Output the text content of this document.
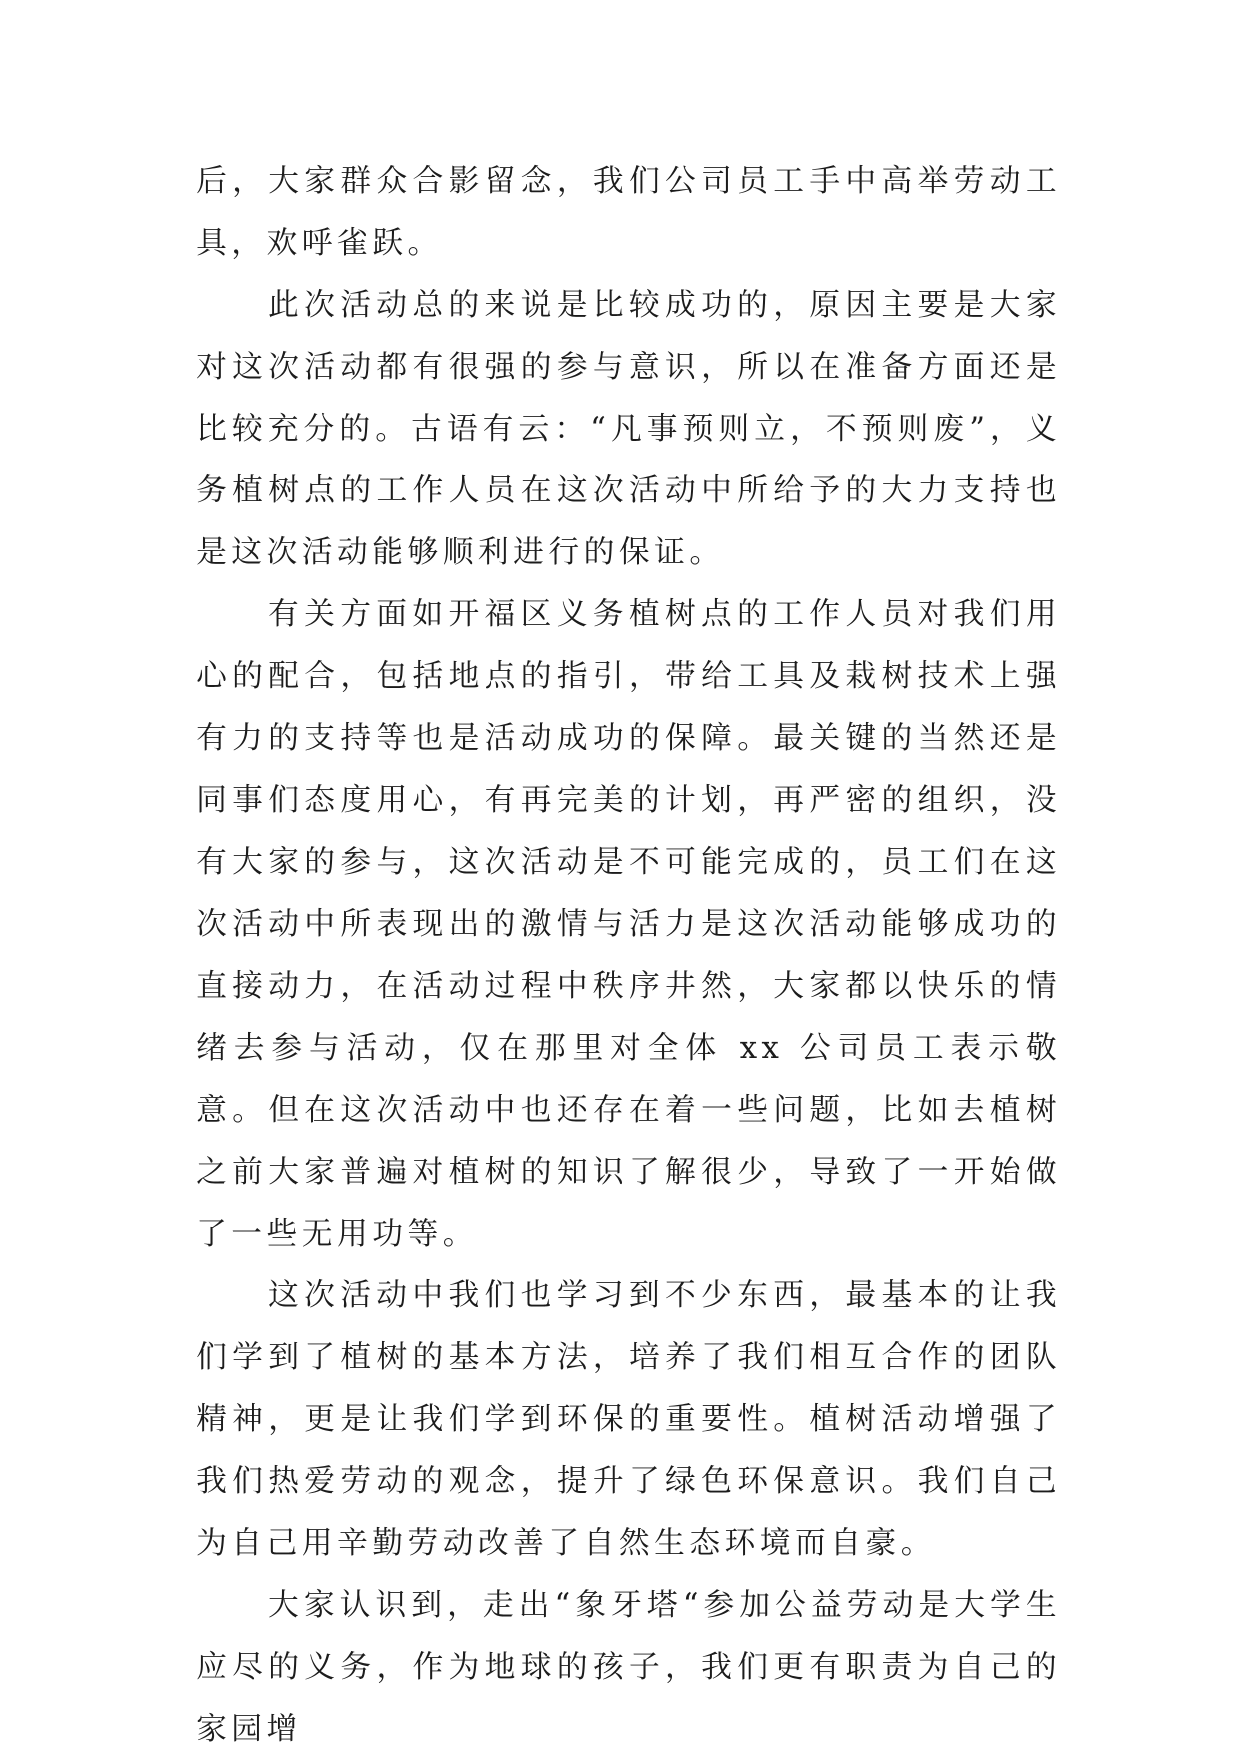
后，大家群众合影留念，我们公司员工手中高举劳动工具，欢呼雀跃。

此次活动总的来说是比较成功的，原因主要是大家对这次活动都有很强的参与意识，所以在准备方面还是比较充分的。古语有云：“凡事预则立，不预则废”，义务植树点的工作人员在这次活动中所给予的大力支持也是这次活动能够顺利进行的保证。

有关方面如开福区义务植树点的工作人员对我们用心的配合，包括地点的指引，带给工具及栽树技术上强有力的支持等也是活动成功的保障。最关键的当然还是同事们态度用心，有再完美的计划，再严密的组织，没有大家的参与，这次活动是不可能完成的，员工们在这次活动中所表现出的激情与活力是这次活动能够成功的直接动力，在活动过程中秩序井然，大家都以快乐的情绪去参与活动，仅在那里对全体 xx 公司员工表示敬意。但在这次活动中也还存在着一些问题，比如去植树之前大家普遍对植树的知识了解很少，导致了一开始做了一些无用功等。

这次活动中我们也学习到不少东西，最基本的让我们学到了植树的基本方法，培养了我们相互合作的团队精神，更是让我们学到环保的重要性。植树活动增强了我们热爱劳动的观念，提升了绿色环保意识。我们自己为自己用辛勤劳动改善了自然生态环境而自豪。

大家认识到，走出“象牙塔“参加公益劳动是大学生应尽的义务，作为地球的孩子，我们更有职责为自己的家园增
